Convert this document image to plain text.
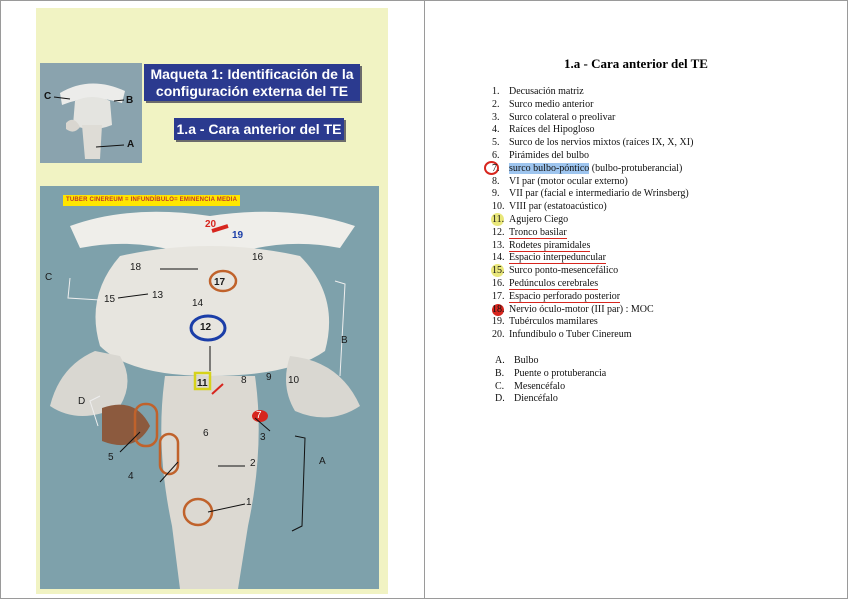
C	B
A
Maqueta 1: Identificación de la
configuración externa del TE
1.a - Cara anterior del TE
TUBER CINEREUM = INFUNDÍBULO= EMINENCIA MEDIA
20
19
18
16
17
15	13
14
12
11	8 9 10
7
3
6
2
5
4
1
C
B
D
A
1.a - Cara anterior del TE
1. Decusación matriz
2. Surco medio anterior
3. Surco colateral o preolivar
4. Raíces del Hipogloso
5. Surco de los nervios mixtos (raíces IX, X, XI)
6. Pirámides del bulbo
7. surco bulbo-póntico (bulbo-protuberancial)
8. VI par (motor ocular externo)
9. VII par (facial e intermediario de Wrinsberg)
10. VIII par (estatoacústico)
11. Agujero Ciego
12. Tronco basilar
13. Rodetes piramidales
14. Espacio interpeduncular
15. Surco ponto-mesencefálico
16. Pedúnculos cerebrales
17. Espacio perforado posterior
18. Nervio óculo-motor (III par) : MOC
19. Tubérculos mamilares
20. Infundíbulo o Tuber Cinereum
A. Bulbo
B. Puente o protuberancia
C. Mesencéfalo
D. Diencéfalo
